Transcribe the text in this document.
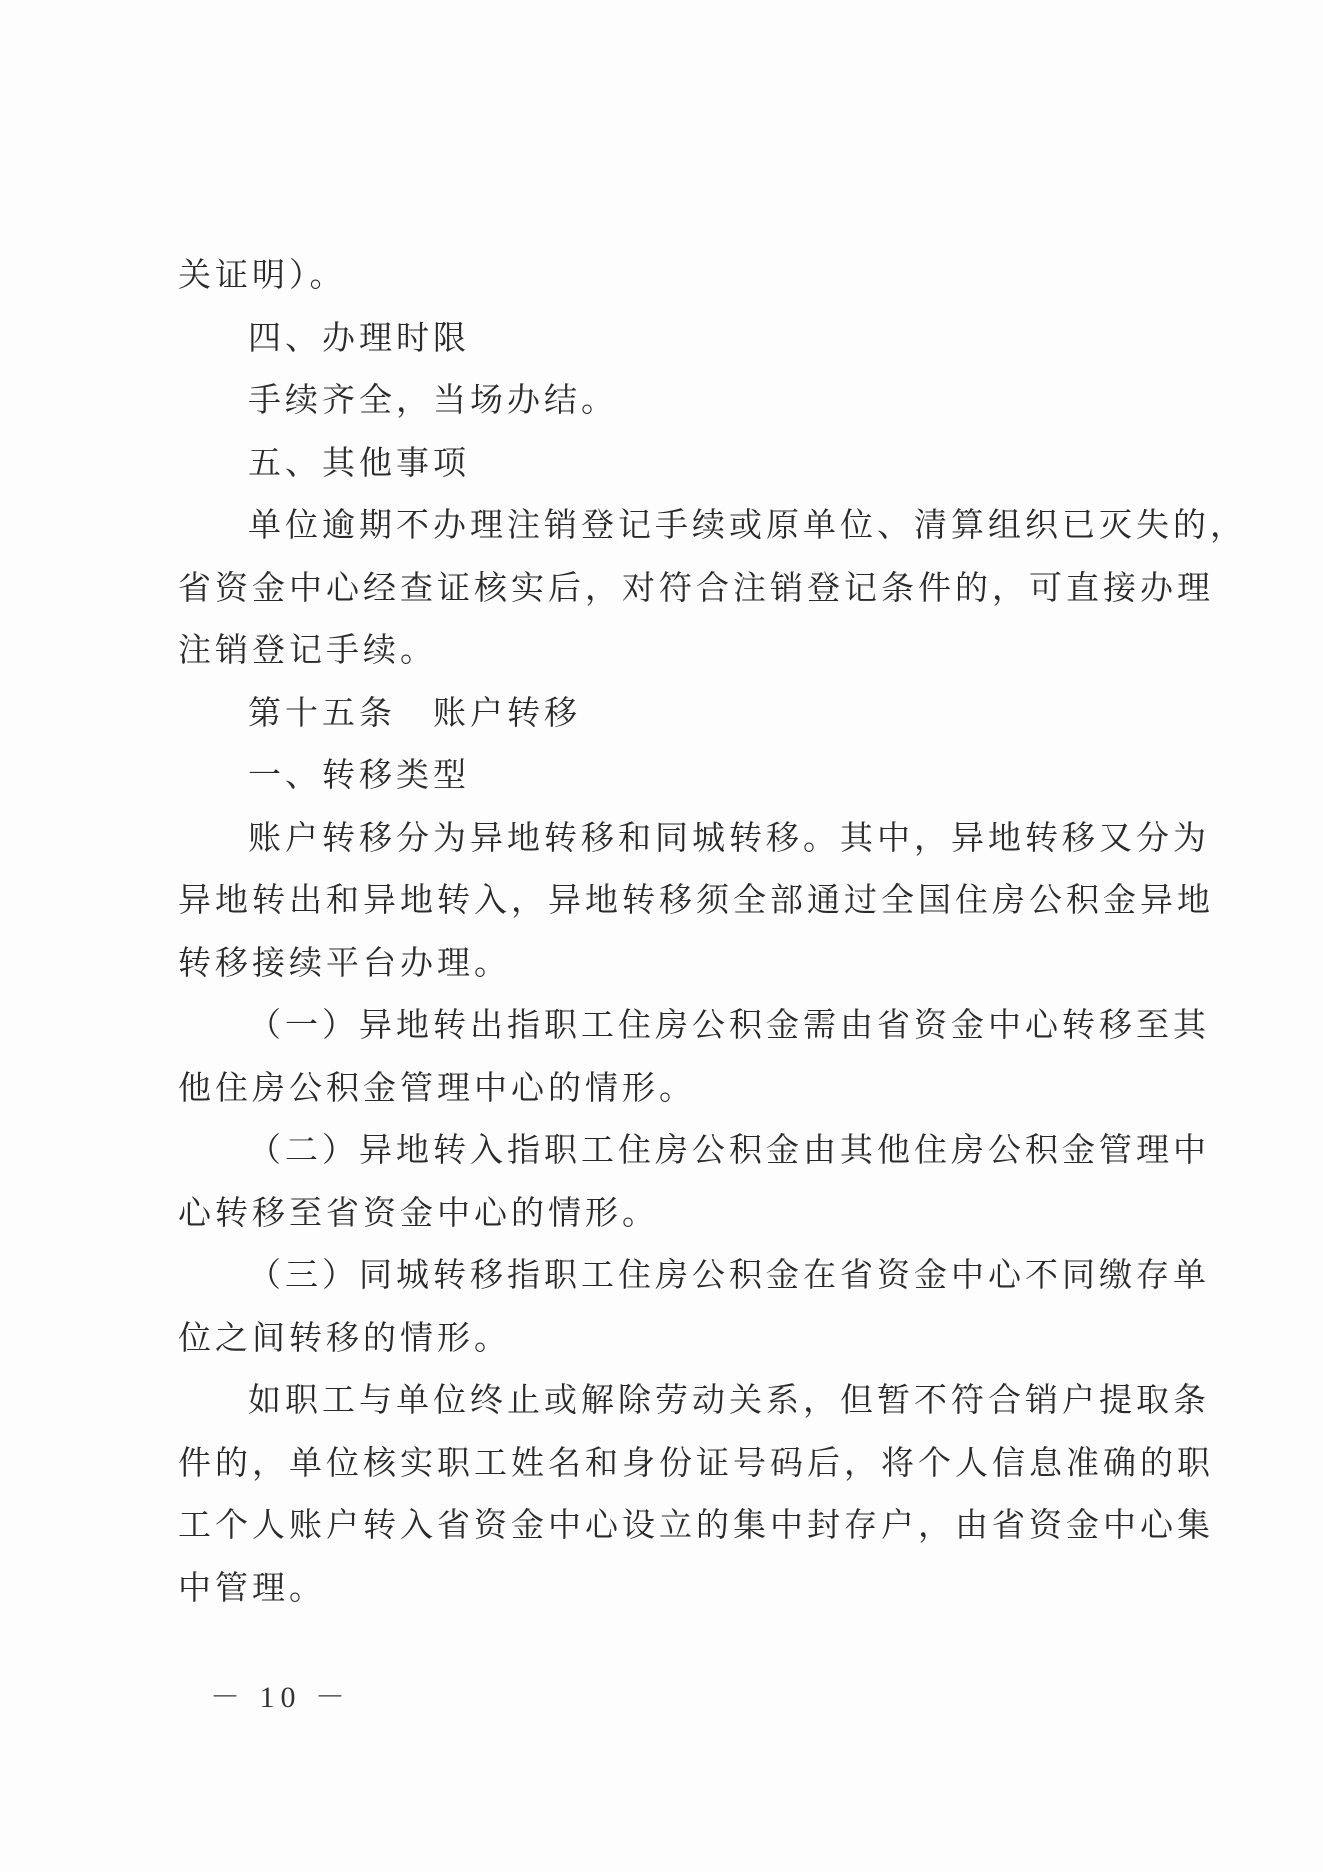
关证明）。
四、办理时限
手续齐全，当场办结。
五、其他事项
单位逾期不办理注销登记手续或原单位、清算组织已灭失的，
省资金中心经查证核实后，对符合注销登记条件的，可直接办理
注销登记手续。
第十五条　账户转移
一、转移类型
账户转移分为异地转移和同城转移。其中，异地转移又分为
异地转出和异地转入，异地转移须全部通过全国住房公积金异地
转移接续平台办理。
（一）异地转出指职工住房公积金需由省资金中心转移至其
他住房公积金管理中心的情形。
（二）异地转入指职工住房公积金由其他住房公积金管理中
心转移至省资金中心的情形。
（三）同城转移指职工住房公积金在省资金中心不同缴存单
位之间转移的情形。
如职工与单位终止或解除劳动关系，但暂不符合销户提取条
件的，单位核实职工姓名和身份证号码后，将个人信息准确的职
工个人账户转入省资金中心设立的集中封存户，由省资金中心集
中管理。
－ 10 －
